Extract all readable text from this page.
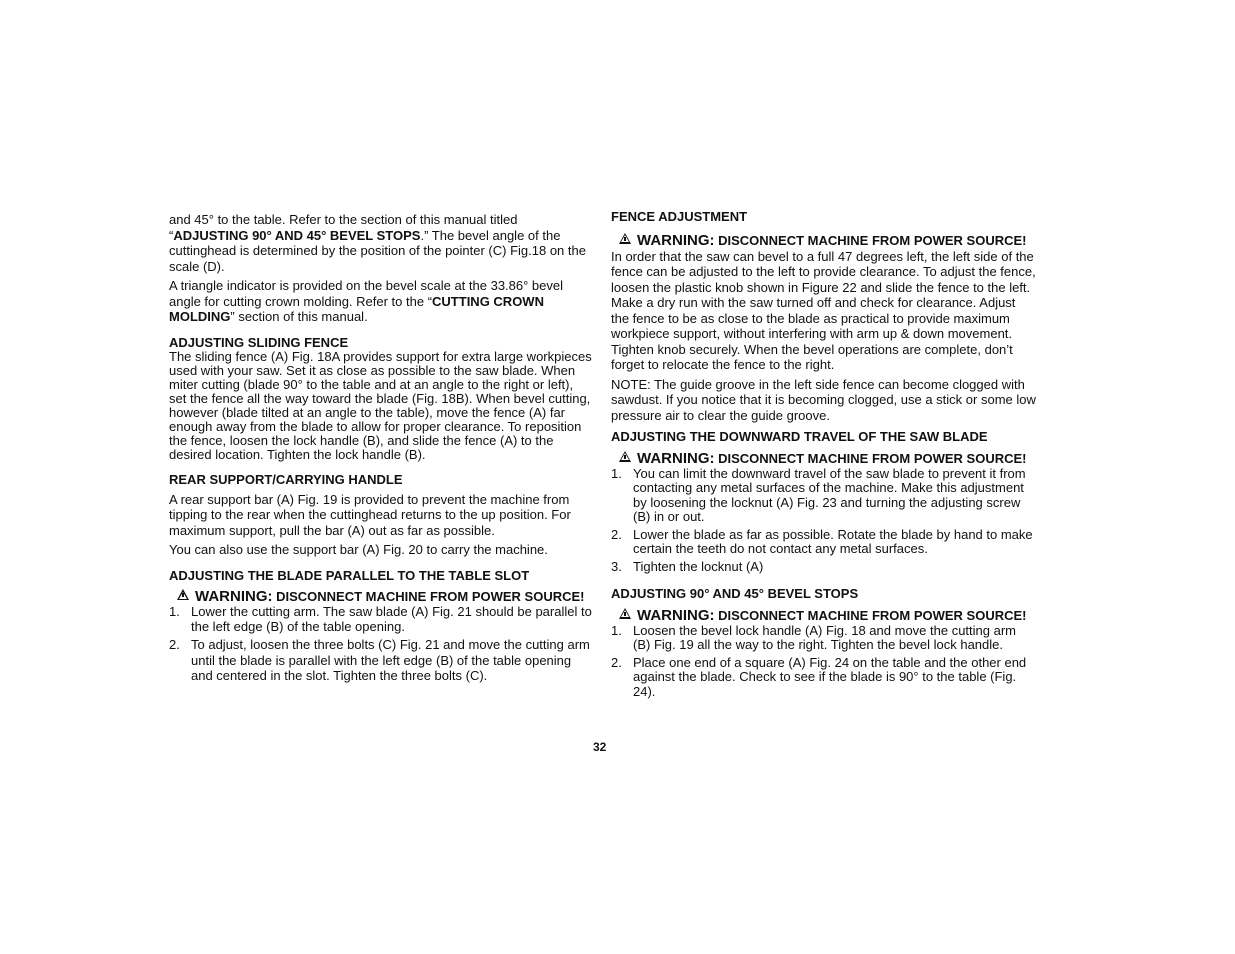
and 45° to the table. Refer to the section of this manual titled “ADJUSTING 90° AND 45° BEVEL STOPS.” The bevel angle of the cuttinghead is determined by the position of the pointer (C) Fig.18 on the scale (D).

A triangle indicator is provided on the bevel scale at the 33.86° bevel angle for cutting crown molding. Refer to the “CUTTING CROWN MOLDING” section of this manual.

ADJUSTING SLIDING FENCE

The sliding fence (A) Fig. 18A provides support for extra large workpieces used with your saw. Set it as close as possible to the saw blade. When miter cutting (blade 90° to the table and at an angle to the right or left), set the fence all the way toward the blade (Fig. 18B). When bevel cutting, however (blade tilted at an angle to the table), move the fence (A) far enough away from the blade to allow for proper clearance. To reposition the fence, loosen the lock handle (B), and slide the fence (A) to the desired location. Tighten the lock handle (B).

REAR SUPPORT/CARRYING HANDLE

A rear support bar (A) Fig. 19 is provided to prevent the machine from tipping to the rear when the cuttinghead returns to the up position. For maximum support, pull the bar (A) out as far as possible.

You can also use the support bar (A) Fig. 20 to carry the machine.

ADJUSTING THE BLADE PARALLEL TO THE TABLE SLOT
WARNING: DISCONNECT MACHINE FROM POWER SOURCE!
1. Lower the cutting arm. The saw blade (A) Fig. 21 should be parallel to the left edge (B) of the table opening.
2. To adjust, loosen the three bolts (C) Fig. 21 and move the cutting arm until the blade is parallel with the left edge (B) of the table opening and centered in the slot. Tighten the three bolts (C).
FENCE ADJUSTMENT
WARNING: DISCONNECT MACHINE FROM POWER SOURCE!

In order that the saw can bevel to a full 47 degrees left, the left side of the fence can be adjusted to the left to provide clearance. To adjust the fence, loosen the plastic knob shown in Figure 22 and slide the fence to the left. Make a dry run with the saw turned off and check for clearance. Adjust the fence to be as close to the blade as practical to provide maximum workpiece support, without interfering with arm up & down movement. Tighten knob securely. When the bevel operations are complete, don’t forget to relocate the fence to the right.

NOTE: The guide groove in the left side fence can become clogged with sawdust. If you notice that it is becoming clogged, use a stick or some low pressure air to clear the guide groove.

ADJUSTING THE DOWNWARD TRAVEL OF THE SAW BLADE
WARNING: DISCONNECT MACHINE FROM POWER SOURCE!
1. You can limit the downward travel of the saw blade to prevent it from contacting any metal surfaces of the machine. Make this adjustment by loosening the locknut (A) Fig. 23 and turning the adjusting screw (B) in or out.
2. Lower the blade as far as possible. Rotate the blade by hand to make certain the teeth do not contact any metal surfaces.
3. Tighten the locknut (A)
ADJUSTING 90° AND 45° BEVEL STOPS
WARNING: DISCONNECT MACHINE FROM POWER SOURCE!
1. Loosen the bevel lock handle (A) Fig. 18 and move the cutting arm (B) Fig. 19 all the way to the right. Tighten the bevel lock handle.
2. Place one end of a square (A) Fig. 24 on the table and the other end against the blade. Check to see if the blade is 90° to the table (Fig. 24).
32
